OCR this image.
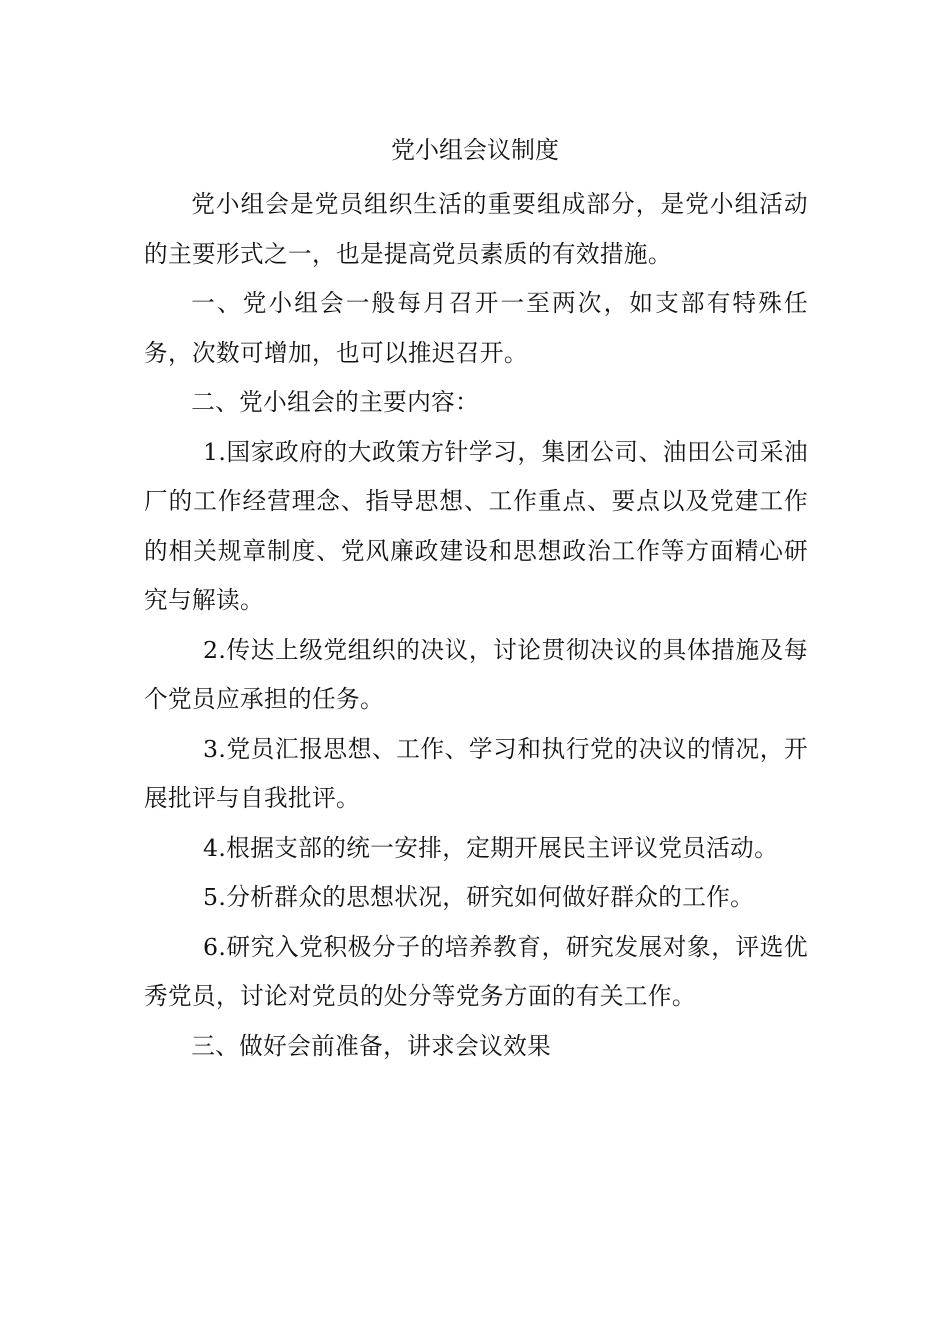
党小组会议制度

党小组会是党员组织生活的重要组成部分，是党小组活动的主要形式之一，也是提高党员素质的有效措施。

一、党小组会一般每月召开一至两次，如支部有特殊任务，次数可增加，也可以推迟召开。

二、党小组会的主要内容：

1.国家政府的大政策方针学习，集团公司、油田公司采油厂的工作经营理念、指导思想、工作重点、要点以及党建工作的相关规章制度、党风廉政建设和思想政治工作等方面精心研究与解读。

2.传达上级党组织的决议，讨论贯彻决议的具体措施及每个党员应承担的任务。

3.党员汇报思想、工作、学习和执行党的决议的情况，开展批评与自我批评。

4.根据支部的统一安排，定期开展民主评议党员活动。

5.分析群众的思想状况，研究如何做好群众的工作。

6.研究入党积极分子的培养教育，研究发展对象，评选优秀党员，讨论对党员的处分等党务方面的有关工作。

三、做好会前准备，讲求会议效果
